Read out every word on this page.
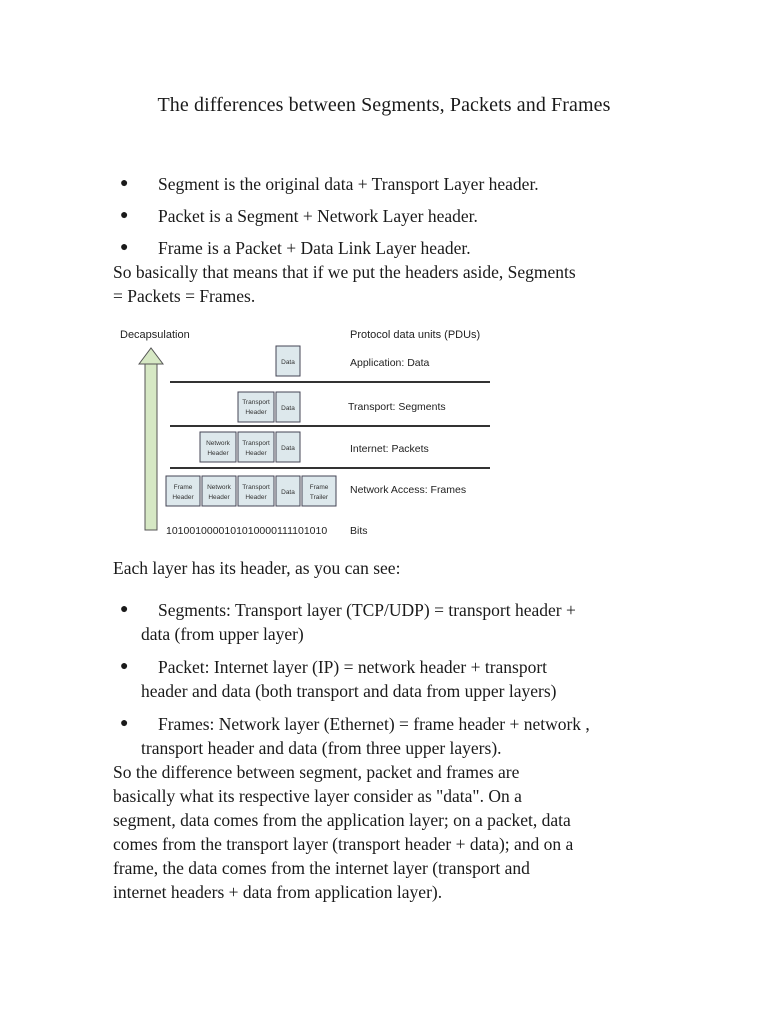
The differences between Segments, Packets and Frames
●	Segment is the original data + Transport Layer header.
●	Packet is a Segment + Network Layer header.
●	Frame is a Packet + Data Link Layer header.

So basically that means that if we put the headers aside, Segments

= Packets = Frames.

Decapsulation	Protocol data units (PDUs)
Data
Transport
Header
Data
Network
Header
Transport
Header
Data
Frame
Header
Network
Header
Transport
Header
Data
Frame
Trailer
Application: Data
Transport: Segments
Internet: Packets
Network Access: Frames
1010010000101010000111101010 Bits
Each layer has its header, as you can see:
● Segments: Transport layer (TCP/UDP) = transport header +
data (from upper layer)
● Packet: Internet layer (IP) = network header + transport
header and data (both transport and data from upper layers)
● Frames: Network layer (Ethernet) = frame header + network ,
transport header and data (from three upper layers).

So the difference between segment, packet and frames are

basically what its respective layer consider as "data". On a

segment, data comes from the application layer; on a packet, data

comes from the transport layer (transport header + data); and on a

frame, the data comes from the internet layer (transport and

internet headers + data from application layer).
